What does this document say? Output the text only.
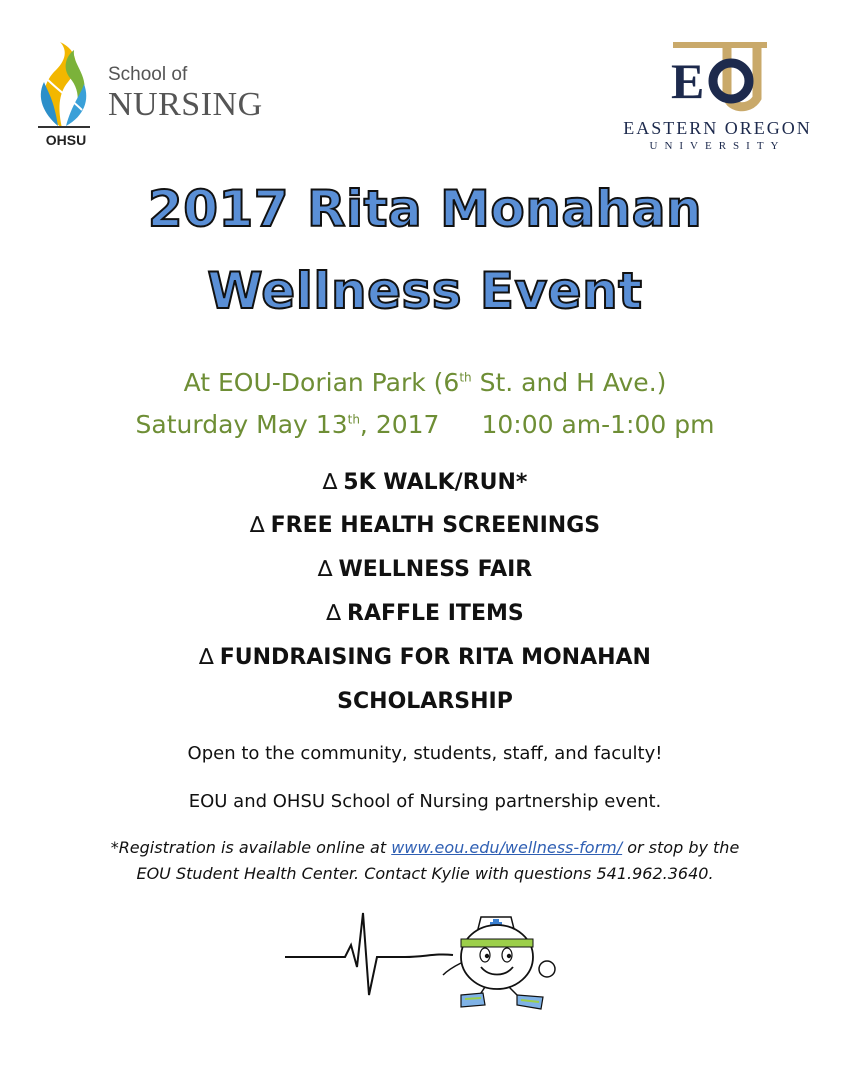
OHSU
School of
NURSING	E
EASTERN OREGON
UNIVERSITY
2017 Rita Monahan
Wellness Event
At EOU-Dorian Park (6th St. and H Ave.)
Saturday May 13th, 2017 10:00 am-1:00 pm
∆ 5K WALK/RUN*
∆ FREE HEALTH SCREENINGS
∆ WELLNESS FAIR
∆ RAFFLE ITEMS
∆ FUNDRAISING FOR RITA MONAHAN
SCHOLARSHIP
Open to the community, students, staff, and faculty!
EOU and OHSU School of Nursing partnership event.
*Registration is available online at www.eou.edu/wellness-form/ or stop by the
EOU Student Health Center. Contact Kylie with questions 541.962.3640.
